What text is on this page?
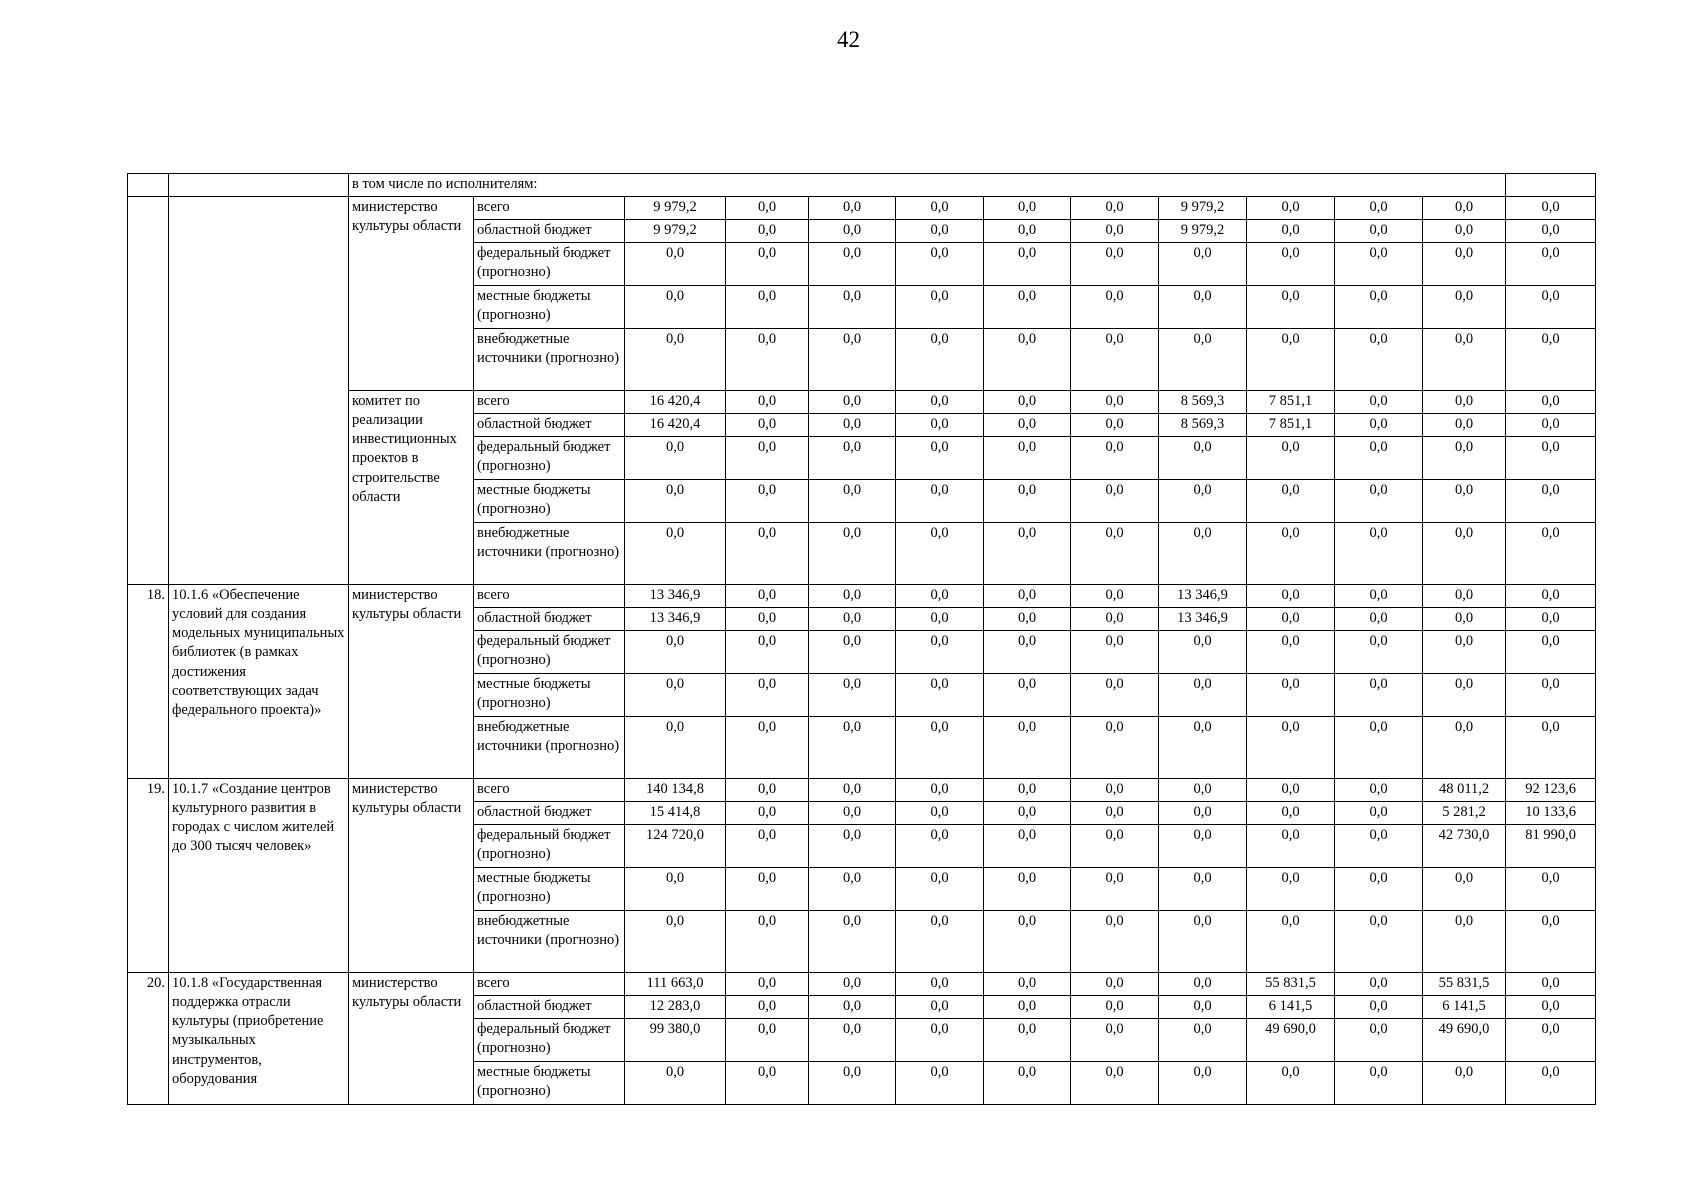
42
		в том числе по исполнителям:												
		министерство культуры области	всего	9 979,2	0,0	0,0	0,0	0,0	0,0	9 979,2	0,0	0,0	0,0	0,0
			областной бюджет	9 979,2	0,0	0,0	0,0	0,0	0,0	9 979,2	0,0	0,0	0,0	0,0
			федеральный бюджет (прогнозно)	0,0	0,0	0,0	0,0	0,0	0,0	0,0	0,0	0,0	0,0	0,0
			местные бюджеты (прогнозно)	0,0	0,0	0,0	0,0	0,0	0,0	0,0	0,0	0,0	0,0	0,0
			внебюджетные источники (прогнозно)	0,0	0,0	0,0	0,0	0,0	0,0	0,0	0,0	0,0	0,0	0,0
		комитет по реализации инвестиционных проектов в строительстве области	всего	16 420,4	0,0	0,0	0,0	0,0	0,0	8 569,3	7 851,1	0,0	0,0	0,0
			областной бюджет	16 420,4	0,0	0,0	0,0	0,0	0,0	8 569,3	7 851,1	0,0	0,0	0,0
			федеральный бюджет (прогнозно)	0,0	0,0	0,0	0,0	0,0	0,0	0,0	0,0	0,0	0,0	0,0
			местные бюджеты (прогнозно)	0,0	0,0	0,0	0,0	0,0	0,0	0,0	0,0	0,0	0,0	0,0
			внебюджетные источники (прогнозно)	0,0	0,0	0,0	0,0	0,0	0,0	0,0	0,0	0,0	0,0	0,0
18.	10.1.6 «Обеспечение условий для создания модельных муниципальных библиотек (в рамках достижения соответствующих задач федерального проекта)»	министерство культуры области	всего	13 346,9	0,0	0,0	0,0	0,0	0,0	13 346,9	0,0	0,0	0,0	0,0
			областной бюджет	13 346,9	0,0	0,0	0,0	0,0	0,0	13 346,9	0,0	0,0	0,0	0,0
			федеральный бюджет (прогнозно)	0,0	0,0	0,0	0,0	0,0	0,0	0,0	0,0	0,0	0,0	0,0
			местные бюджеты (прогнозно)	0,0	0,0	0,0	0,0	0,0	0,0	0,0	0,0	0,0	0,0	0,0
			внебюджетные источники (прогнозно)	0,0	0,0	0,0	0,0	0,0	0,0	0,0	0,0	0,0	0,0	0,0
19.	10.1.7 «Создание центров культурного развития в городах с числом жителей до 300 тысяч человек»	министерство культуры области	всего	140 134,8	0,0	0,0	0,0	0,0	0,0	0,0	0,0	0,0	48 011,2	92 123,6
			областной бюджет	15 414,8	0,0	0,0	0,0	0,0	0,0	0,0	0,0	0,0	5 281,2	10 133,6
			федеральный бюджет (прогнозно)	124 720,0	0,0	0,0	0,0	0,0	0,0	0,0	0,0	0,0	42 730,0	81 990,0
			местные бюджеты (прогнозно)	0,0	0,0	0,0	0,0	0,0	0,0	0,0	0,0	0,0	0,0	0,0
			внебюджетные источники (прогнозно)	0,0	0,0	0,0	0,0	0,0	0,0	0,0	0,0	0,0	0,0	0,0
20.	10.1.8 «Государственная поддержка отрасли культуры (приобретение музыкальных инструментов, оборудования	министерство культуры области	всего	111 663,0	0,0	0,0	0,0	0,0	0,0	0,0	55 831,5	0,0	55 831,5	0,0
			областной бюджет	12 283,0	0,0	0,0	0,0	0,0	0,0	0,0	6 141,5	0,0	6 141,5	0,0
			федеральный бюджет (прогнозно)	99 380,0	0,0	0,0	0,0	0,0	0,0	0,0	49 690,0	0,0	49 690,0	0,0
			местные бюджеты (прогнозно)	0,0	0,0	0,0	0,0	0,0	0,0	0,0	0,0	0,0	0,0	0,0
